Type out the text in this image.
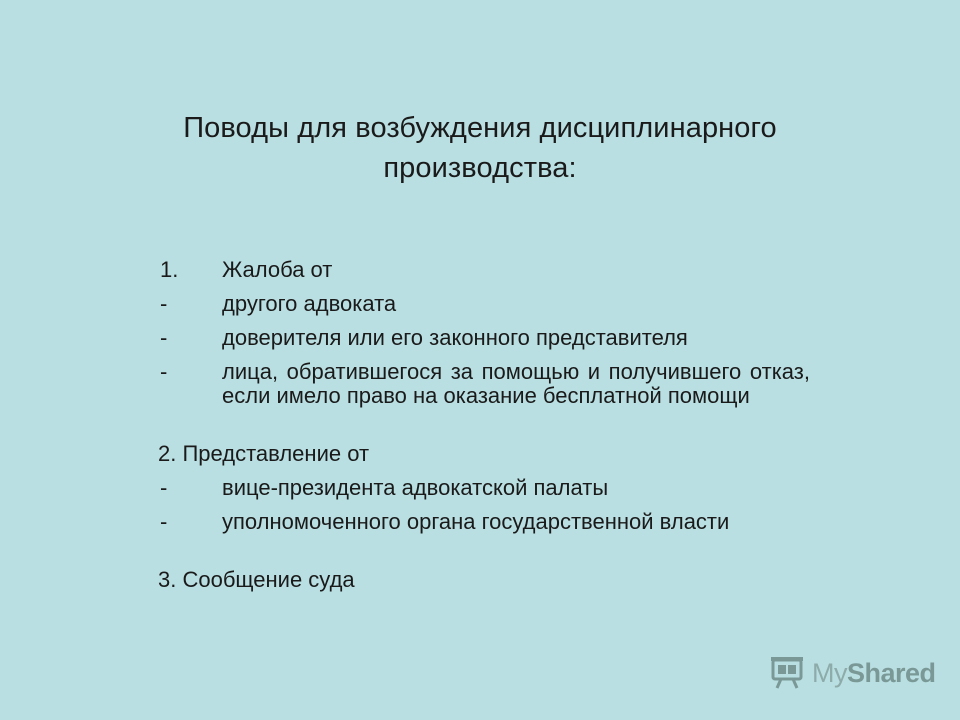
Поводы для возбуждения дисциплинарного
производства:
1.	Жалоба от
-	другого адвоката
-	доверителя или его законного представителя
-	лица, обратившегося за помощью и получившего отказ, если имело право на оказание бесплатной помощи
2. Представление от
-	вице-президента адвокатской палаты
-	уполномоченного органа государственной власти
3. Сообщение суда
MyShared
